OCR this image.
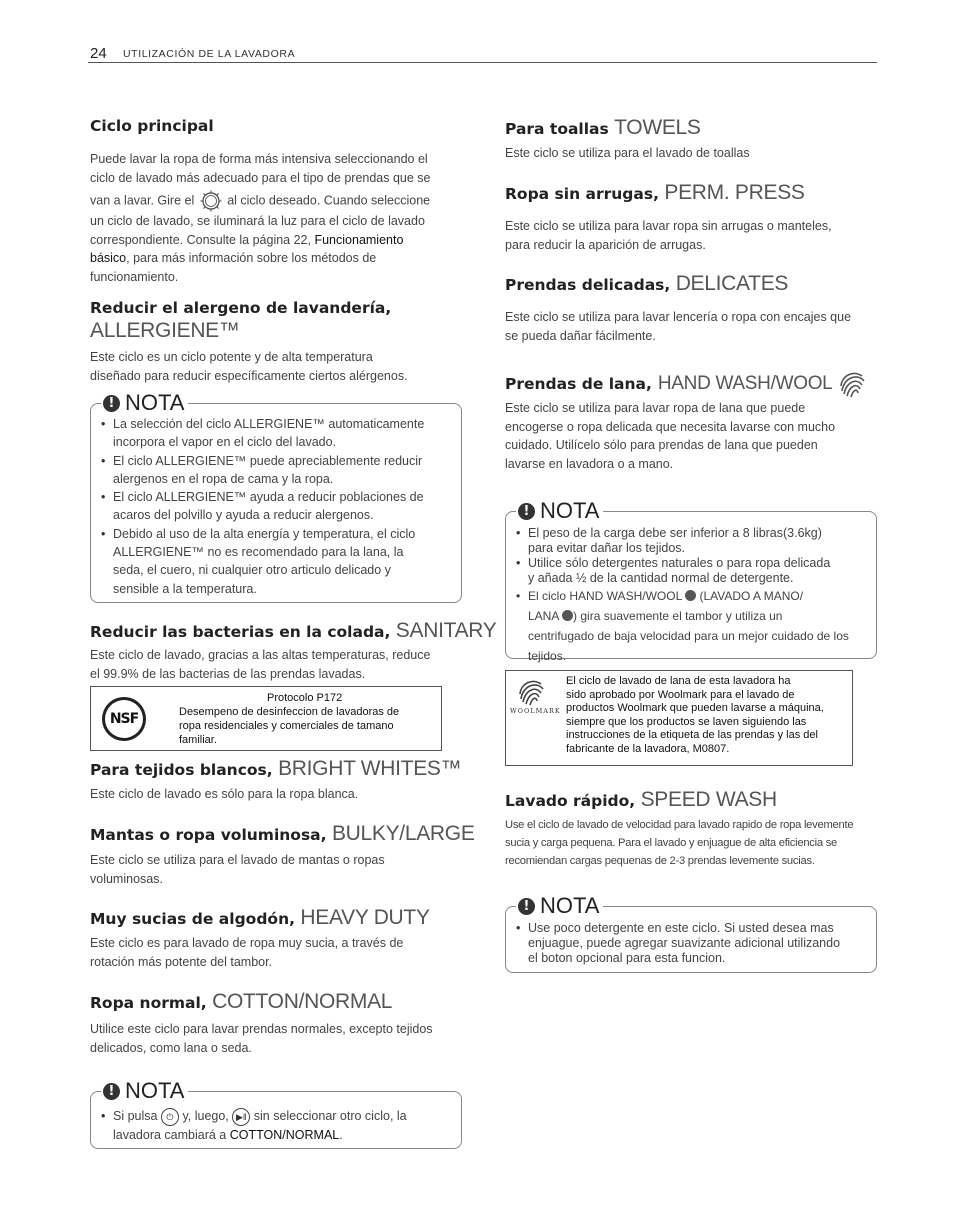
24 UTILIZACIÓN DE LA LAVADORA
Ciclo principal
Puede lavar la ropa de forma más intensiva seleccionando el
ciclo de lavado más adecuado para el tipo de prendas que se
van a lavar. Gire el	al ciclo deseado. Cuando seleccione
un ciclo de lavado, se iluminará la luz para el ciclo de lavado
correspondiente. Consulte la página 22, Funcionamiento
básico, para más información sobre los métodos de
funcionamiento.
Reducir el alergeno de lavandería,
ALLERGIENE™
Este ciclo es un ciclo potente y de alta temperatura
diseñado para reducir específicamente ciertos alérgenos.
! NOTA
• La selección del ciclo ALLERGIENE™ automaticamente
incorpora el vapor en el ciclo del lavado.
• El ciclo ALLERGIENE™ puede apreciablemente reducir
alergenos en el ropa de cama y la ropa.
• El ciclo ALLERGIENE™ ayuda a reducir poblaciones de
acaros del polvillo y ayuda a reducir alergenos.
• Debido al uso de la alta energía y temperatura, el ciclo
ALLERGIENE™ no es recomendado para la lana, la
seda, el cuero, ni cualquier otro articulo delicado y
sensible a la temperatura.
Reducir las bacterias en la colada, SANITARY
Este ciclo de lavado, gracias a las altas temperaturas, reduce
el 99.9% de las bacterias de las prendas lavadas.
NSF
Protocolo P172
Desempeno de desinfeccion de lavadoras de
ropa residenciales y comerciales de tamano
familiar.
Para tejidos blancos, BRIGHT WHITES™
Este ciclo de lavado es sólo para la ropa blanca.
Mantas o ropa voluminosa, BULKY/LARGE
Este ciclo se utiliza para el lavado de mantas o ropas
voluminosas.
Muy sucias de algodón, HEAVY DUTY
Este ciclo es para lavado de ropa muy sucia, a través de
rotación más potente del tambor.
Ropa normal, COTTON/NORMAL
Utilice este ciclo para lavar prendas normales, excepto tejidos
delicados, como lana o seda.
! NOTA
• Si pulsa ⏻ y, luego, ▶‖ sin seleccionar otro ciclo, la
lavadora cambiará a COTTON/NORMAL.
Para toallas TOWELS
Este ciclo se utiliza para el lavado de toallas
Ropa sin arrugas, PERM. PRESS
Este ciclo se utiliza para lavar ropa sin arrugas o manteles,
para reducir la aparición de arrugas.
Prendas delicadas, DELICATES
Este ciclo se utiliza para lavar lencería o ropa con encajes que
se pueda dañar fácilmente.
Prendas de lana, HAND WASH/WOOL
Este ciclo se utiliza para lavar ropa de lana que puede
encogerse o ropa delicada que necesita lavarse con mucho
cuidado. Utilícelo sólo para prendas de lana que pueden
lavarse en lavadora o a mano.
! NOTA
• El peso de la carga debe ser inferior a 8 libras(3.6kg)
para evitar dañar los tejidos.
• Utilice sólo detergentes naturales o para ropa delicada
y añada ½ de la cantidad normal de detergente.
• El ciclo HAND WASH/WOOL (LAVADO A MANO/
LANA ) gira suavemente el tambor y utiliza un
centrifugado de baja velocidad para un mejor cuidado de los
tejidos.
WOOLMARK
El ciclo de lavado de lana de esta lavadora ha
sido aprobado por Woolmark para el lavado de
productos Woolmark que pueden lavarse a máquina,
siempre que los productos se laven siguiendo las
instrucciones de la etiqueta de las prendas y las del
fabricante de la lavadora, M0807.
Lavado rápido, SPEED WASH
Use el ciclo de lavado de velocidad para lavado rapido de ropa levemente
sucia y carga pequena. Para el lavado y enjuague de alta eficiencia se
recomiendan cargas pequenas de 2-3 prendas levemente sucias.
! NOTA
• Use poco detergente en este ciclo. Si usted desea mas
enjuague, puede agregar suavizante adicional utilizando
el boton opcional para esta funcion.
